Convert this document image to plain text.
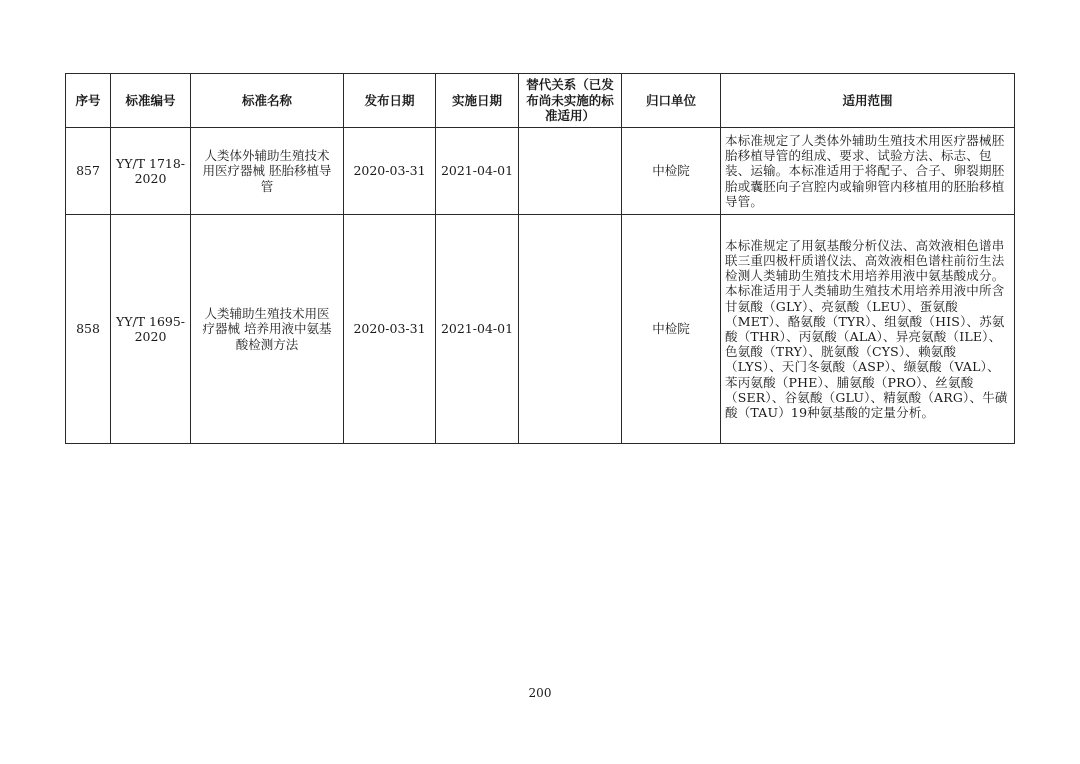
序号	标准编号	标准名称	发布日期	实施日期	替代关系（已发布尚未实施的标准适用）	归口单位	适用范围
857	YY/T 1718-2020	人类体外辅助生殖技术用医疗器械 胚胎移植导管	2020-03-31	2021-04-01		中检院	本标准规定了人类体外辅助生殖技术用医疗器械胚胎移植导管的组成、要求、试验方法、标志、包装、运输。本标准适用于将配子、合子、卵裂期胚胎或囊胚向子宫腔内或输卵管内移植用的胚胎移植导管。
858	YY/T 1695-2020	人类辅助生殖技术用医疗器械 培养用液中氨基酸检测方法	2020-03-31	2021-04-01		中检院	本标准规定了用氨基酸分析仪法、高效液相色谱串联三重四极杆质谱仪法、高效液相色谱柱前衍生法检测人类辅助生殖技术用培养用液中氨基酸成分。本标准适用于人类辅助生殖技术用培养用液中所含甘氨酸（GLY）、亮氨酸（LEU）、蛋氨酸（MET）、酪氨酸（TYR）、组氨酸（HIS）、苏氨酸（THR）、丙氨酸（ALA）、异亮氨酸（ILE）、色氨酸（TRY）、胱氨酸（CYS）、赖氨酸（LYS）、天门冬氨酸（ASP）、缬氨酸（VAL）、苯丙氨酸（PHE）、脯氨酸（PRO）、丝氨酸（SER）、谷氨酸（GLU）、精氨酸（ARG）、牛磺酸（TAU）19种氨基酸的定量分析。
200
